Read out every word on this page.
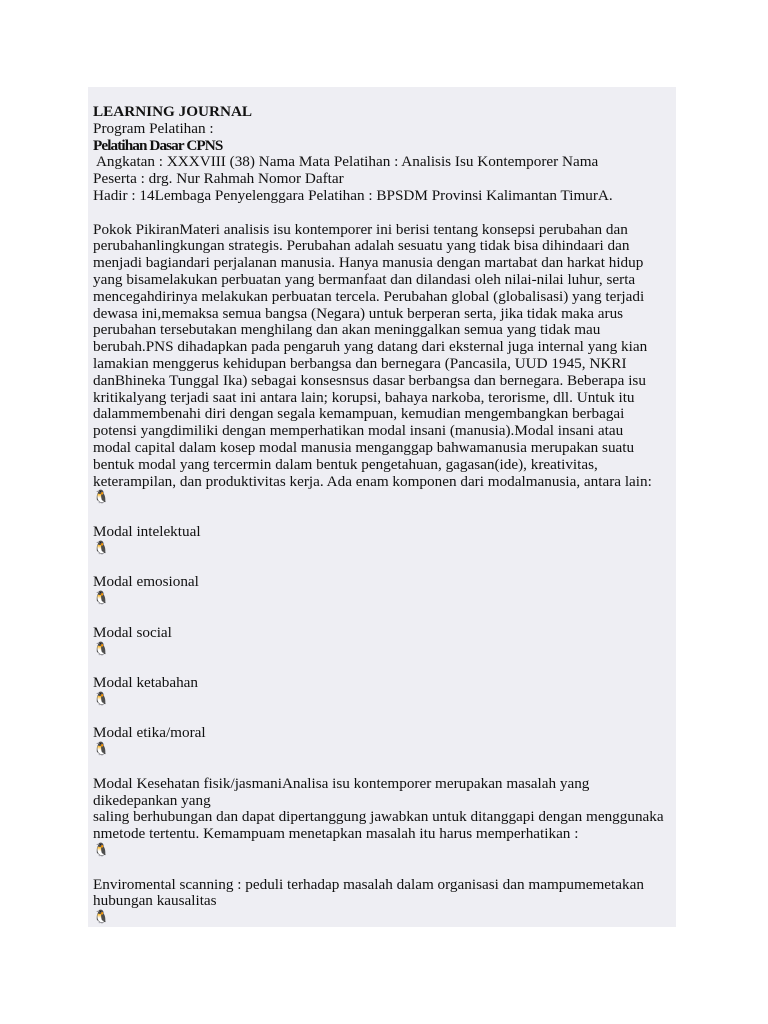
LEARNING JOURNAL
Program Pelatihan :
Pelatihan Dasar CPNS
Angkatan : XXXVIII (38) Nama Mata Pelatihan : Analisis Isu Kontemporer Nama
Peserta : drg. Nur Rahmah Nomor Daftar
Hadir : 14Lembaga Penyelenggara Pelatihan : BPSDM Provinsi Kalimantan TimurA.
Pokok PikiranMateri analisis isu kontemporer ini berisi tentang konsepsi perubahan dan
perubahanlingkungan strategis. Perubahan adalah sesuatu yang tidak bisa dihindaari dan
menjadi bagiandari perjalanan manusia. Hanya manusia dengan martabat dan harkat hidup
yang bisamelakukan perbuatan yang bermanfaat dan dilandasi oleh nilai-nilai luhur, serta
mencegahdirinya melakukan perbuatan tercela. Perubahan global (globalisasi) yang terjadi
dewasa ini,memaksa semua bangsa (Negara) untuk berperan serta, jika tidak maka arus
perubahan tersebutakan menghilang dan akan meninggalkan semua yang tidak mau
berubah.PNS dihadapkan pada pengaruh yang datang dari eksternal juga internal yang kian
lamakian menggerus kehidupan berbangsa dan bernegara (Pancasila, UUD 1945, NKRI
danBhineka Tunggal Ika) sebagai konsesnsus dasar berbangsa dan bernegara. Beberapa isu
kritikalyang terjadi saat ini antara lain; korupsi, bahaya narkoba, terorisme, dll. Untuk itu
dalammembenahi diri dengan segala kemampuan, kemudian mengembangkan berbagai
potensi yangdimiliki dengan memperhatikan modal insani (manusia).Modal insani atau
modal capital dalam kosep modal manusia menganggap bahwamanusia merupakan suatu
bentuk modal yang tercermin dalam bentuk pengetahuan, gagasan(ide), kreativitas,
keterampilan, dan produktivitas kerja. Ada enam komponen dari modalmanusia, antara lain:
🐧
Modal intelektual
🐧
Modal emosional
🐧
Modal social
🐧
Modal ketabahan
🐧
Modal etika/moral
🐧
Modal Kesehatan fisik/jasmaniAnalisa isu kontemporer merupakan masalah yang
dikedepankan yang
saling berhubungan dan dapat dipertanggung jawabkan untuk ditanggapi dengan menggunaka
nmetode tertentu. Kemampuam menetapkan masalah itu harus memperhatikan :
🐧
Enviromental scanning : peduli terhadap masalah dalam organisasi dan mampumemetakan
hubungan kausalitas
🐧
